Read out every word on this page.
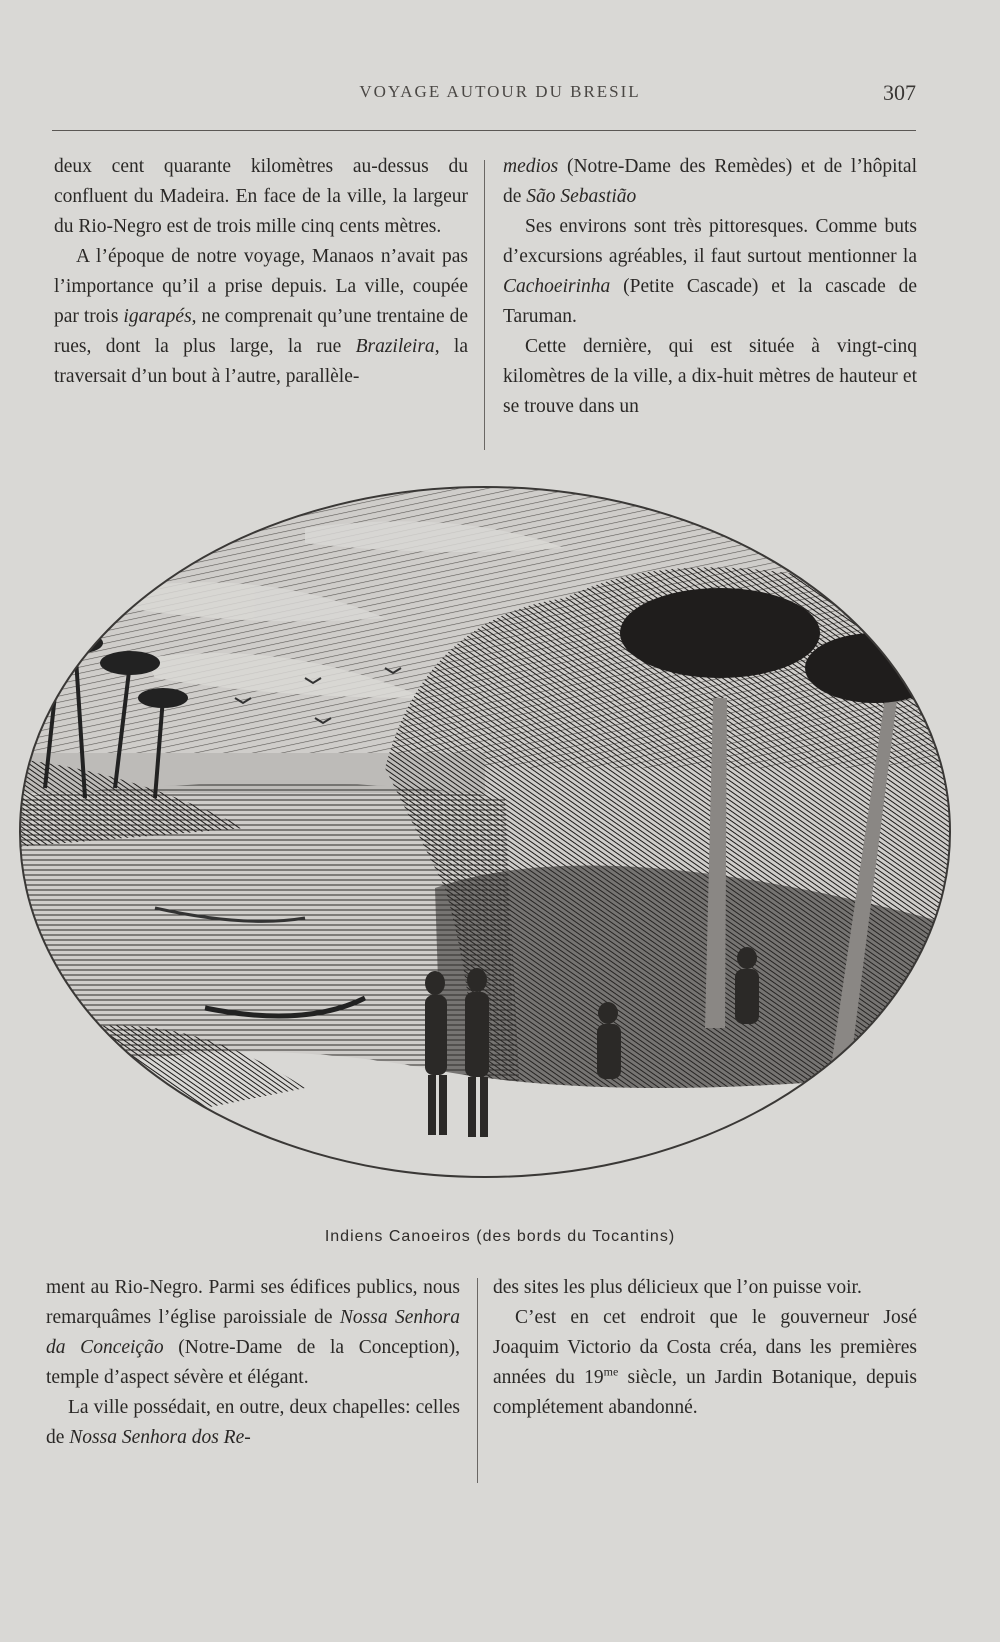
VOYAGE AUTOUR DU BRESIL	307

deux cent quarante kilomètres au-dessus du confluent du Madeira. En face de la ville, la largeur du Rio-Negro est de trois mille cinq cents mètres.

A l’époque de notre voyage, Manaos n’avait pas l’importance qu’il a prise depuis. La ville, coupée par trois igarapés, ne comprenait qu’une trentaine de rues, dont la plus large, la rue Brazileira, la traversait d’un bout à l’autre, parallèle-

medios (Notre-Dame des Remèdes) et de l’hôpital de São Sebastião

Ses environs sont très pittoresques. Comme buts d’excursions agréables, il faut surtout mentionner la Cachoeirinha (Petite Cascade) et la cascade de Taruman.

Cette dernière, qui est située à vingt-cinq kilomètres de la ville, a dix-huit mètres de hauteur et se trouve dans un

Indiens Canoeiros (des bords du Tocantins)

ment au Rio-Negro. Parmi ses édifices publics, nous remarquâmes l’église paroissiale de Nossa Senhora da Conceição (Notre-Dame de la Conception), temple d’aspect sévère et élégant.

La ville possédait, en outre, deux chapelles: celles de Nossa Senhora dos Re-

des sites les plus délicieux que l’on puisse voir.

C’est en cet endroit que le gouverneur José Joaquim Victorio da Costa créa, dans les premières années du $19^{me}$ siècle, un Jardin Botanique, depuis complétement abandonné.
